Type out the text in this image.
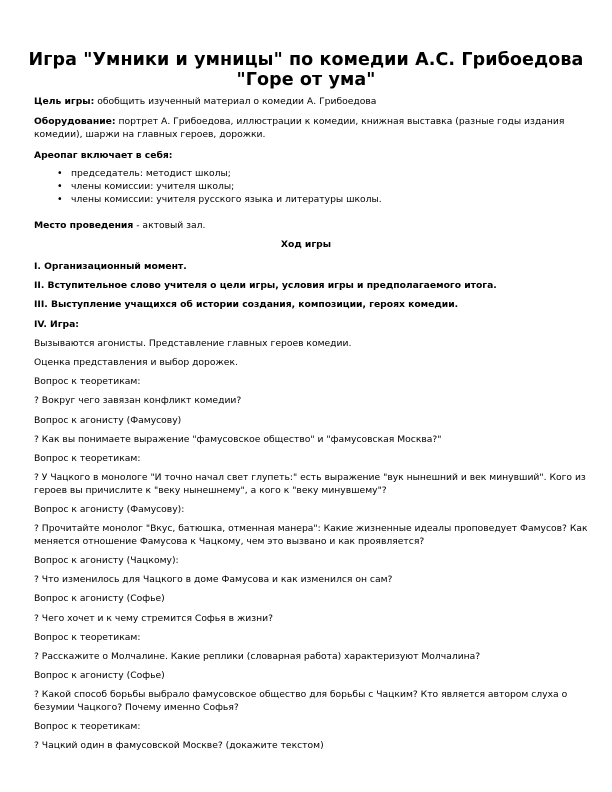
Игра "Умники и умницы" по комедии А.С. Грибоедова
"Горе от ума"
Цель игры: обобщить изученный материал о комедии А. Грибоедова
Оборудование: портрет А. Грибоедова, иллюстрации к комедии, книжная выставка (разные годы издания
комедии), шаржи на главных героев, дорожки.
Ареопаг включает в себя:
• председатель: методист школы;
• члены комиссии: учителя школы;
• члены комиссии: учителя русского языка и литературы школы.
Место проведения - актовый зал.
Ход игры
I. Организационный момент.
II. Вступительное слово учителя о цели игры, условия игры и предполагаемого итога.
III. Выступление учащихся об истории создания, композиции, героях комедии.
IV. Игра:
Вызываются агонисты. Представление главных героев комедии.
Оценка представления и выбор дорожек.
Вопрос к теоретикам:
? Вокруг чего завязан конфликт комедии?
Вопрос к агонисту (Фамусову)
? Как вы понимаете выражение "фамусовское общество" и "фамусовская Москва?"
Вопрос к теоретикам:
? У Чацкого в монологе "И точно начал свет глупеть:" есть выражение "вук нынешний и век минувший". Кого из
героев вы причислите к "веку нынешнему", а кого к "веку минувшему"?
Вопрос к агонисту (Фамусову):
? Прочитайте монолог "Вкус, батюшка, отменная манера": Какие жизненные идеалы проповедует Фамусов? Как
меняется отношение Фамусова к Чацкому, чем это вызвано и как проявляется?
Вопрос к агонисту (Чацкому):
? Что изменилось для Чацкого в доме Фамусова и как изменился он сам?
Вопрос к агонисту (Софье)
? Чего хочет и к чему стремится Софья в жизни?
Вопрос к теоретикам:
? Расскажите о Молчалине. Какие реплики (словарная работа) характеризуют Молчалина?
Вопрос к агонисту (Софье)
? Какой способ борьбы выбрало фамусовское общество для борьбы с Чацким? Кто является автором слуха о
безумии Чацкого? Почему именно Софья?
Вопрос к теоретикам:
? Чацкий один в фамусовской Москве? (докажите текстом)
